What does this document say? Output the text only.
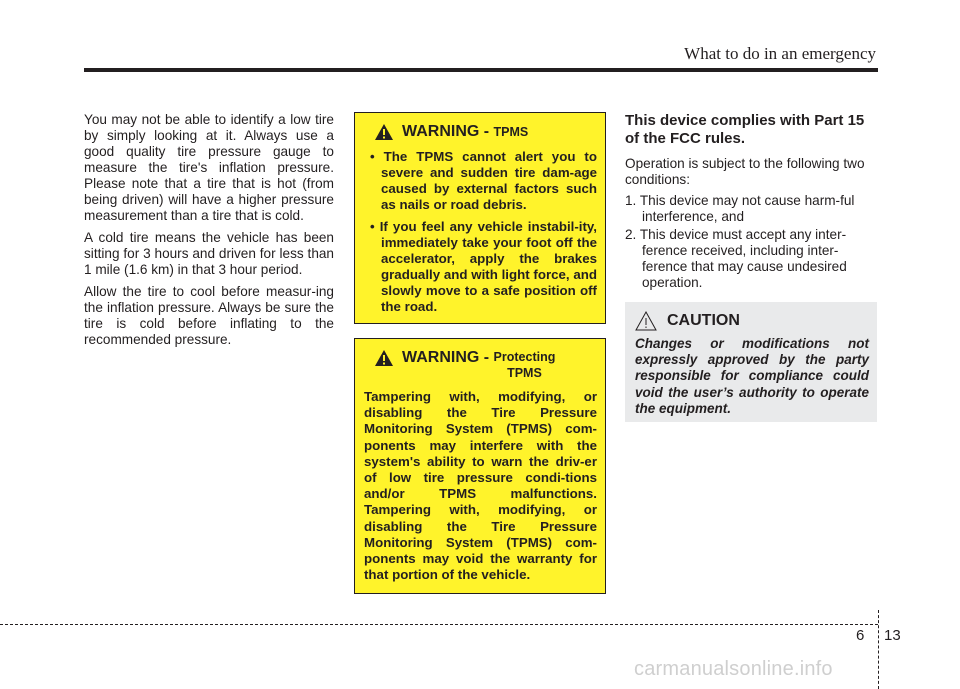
What to do in an emergency

You may not be able to identify a low tire by simply looking at it. Always use a good quality tire pressure gauge to measure the tire's inflation pressure. Please note that a tire that is hot (from being driven) will have a higher pressure measurement than a tire that is cold.

A cold tire means the vehicle has been sitting for 3 hours and driven for less than 1 mile (1.6 km) in that 3 hour period.

Allow the tire to cool before measur-ing the inflation pressure. Always be sure the tire is cold before inflating to the recommended pressure.

WARNING - TPMS
• The TPMS cannot alert you to severe and sudden tire dam-age caused by external factors such as nails or road debris.
• If you feel any vehicle instabil-ity, immediately take your foot off the accelerator, apply the brakes gradually and with light force, and slowly move to a safe position off the road.
WARNING - Protecting
TPMS

Tampering with, modifying, or disabling the Tire Pressure Monitoring System (TPMS) com-ponents may interfere with the system's ability to warn the driv-er of low tire pressure condi-tions and/or TPMS malfunctions. Tampering with, modifying, or disabling the Tire Pressure Monitoring System (TPMS) com-ponents may void the warranty for that portion of the vehicle.

This device complies with Part 15 of the FCC rules.

Operation is subject to the following two conditions:

1. This device may not cause harm-ful interference, and
2. This device must accept any inter-ference received, including inter-ference that may cause undesired operation.
CAUTION

Changes or modifications not expressly approved by the party responsible for compliance could void the user’s authority to operate the equipment.

6 13
carmanualsonline.info
